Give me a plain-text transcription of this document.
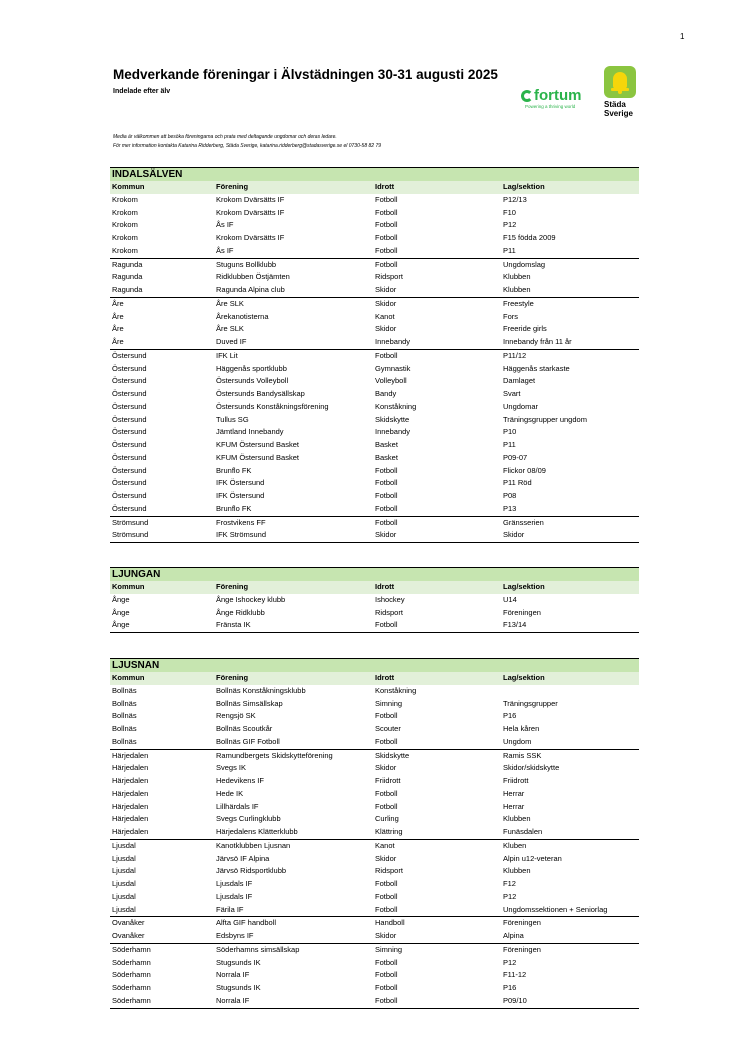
1
Medverkande föreningar i Älvstädningen 30-31 augusti 2025
Indelade efter älv	fortum
Powering a thriving world	Städa
Sverige
Media är välkommen att besöka föreningarna och prata med deltagande ungdomar och deras ledare.
För mer information kontakta Katarina Ridderberg, Städa Sverige, katarina.ridderberg@stadasverige.se el 0730-58 82 79
INDALSÄLVEN
Kommun	Förening	Idrott	Lag/sektion
Krokom	Krokom Dvärsätts IF	Fotboll	P12/13
Krokom	Krokom Dvärsätts IF	Fotboll	F10
Krokom	Ås IF	Fotboll	P12
Krokom	Krokom Dvärsätts IF	Fotboll	F15 födda 2009
Krokom	Ås IF	Fotboll	P11
Ragunda	Stuguns Bollklubb	Fotboll	Ungdomslag
Ragunda	Ridklubben Östjämten	Ridsport	Klubben
Ragunda	Ragunda Alpina club	Skidor	Klubben
Åre	Åre SLK	Skidor	Freestyle
Åre	Årekanotisterna	Kanot	Fors
Åre	Åre SLK	Skidor	Freeride girls
Åre	Duved IF	Innebandy	Innebandy från 11 år
Östersund	IFK Lit	Fotboll	P11/12
Östersund	Häggenås sportklubb	Gymnastik	Häggenås starkaste
Östersund	Östersunds Volleyboll	Volleyboll	Damlaget
Östersund	Östersunds Bandysällskap	Bandy	Svart
Östersund	Östersunds Konståkningsförening	Konståkning	Ungdomar
Östersund	Tullus SG	Skidskytte	Träningsgrupper ungdom
Östersund	Jämtland Innebandy	Innebandy	P10
Östersund	KFUM Östersund Basket	Basket	P11
Östersund	KFUM Östersund Basket	Basket	P09-07
Östersund	Brunflo FK	Fotboll	Flickor 08/09
Östersund	IFK Östersund	Fotboll	P11 Röd
Östersund	IFK Östersund	Fotboll	P08
Östersund	Brunflo FK	Fotboll	P13
Strömsund	Frostvikens FF	Fotboll	Gränsserien
Strömsund	IFK Strömsund	Skidor	Skidor
LJUNGAN
Kommun	Förening	Idrott	Lag/sektion
Ånge	Ånge Ishockey klubb	Ishockey	U14
Ånge	Ånge Ridklubb	Ridsport	Föreningen
Ånge	Fränsta IK	Fotboll	F13/14
LJUSNAN
Kommun	Förening	Idrott	Lag/sektion
Bollnäs	Bollnäs Konståkningsklubb	Konståkning
Bollnäs	Bollnäs Simsällskap	Simning	Träningsgrupper
Bollnäs	Rengsjö SK	Fotboll	P16
Bollnäs	Bollnäs Scoutkår	Scouter	Hela kåren
Bollnäs	Bollnäs GIF Fotboll	Fotboll	Ungdom
Härjedalen	Ramundbergets Skidskytteförening	Skidskytte	Ramis SSK
Härjedalen	Svegs IK	Skidor	Skidor/skidskytte
Härjedalen	Hedevikens IF	Friidrott	Friidrott
Härjedalen	Hede IK	Fotboll	Herrar
Härjedalen	Lillhärdals IF	Fotboll	Herrar
Härjedalen	Svegs Curlingklubb	Curling	Klubben
Härjedalen	Härjedalens Klätterklubb	Klättring	Funäsdalen
Ljusdal	Kanotklubben Ljusnan	Kanot	Kluben
Ljusdal	Järvsö IF Alpina	Skidor	Alpin u12-veteran
Ljusdal	Järvsö Ridsportklubb	Ridsport	Klubben
Ljusdal	Ljusdals IF	Fotboll	F12
Ljusdal	Ljusdals IF	Fotboll	P12
Ljusdal	Färila IF	Fotboll	Ungdomssektionen + Seniorlag
Ovanåker	Alfta GIF handboll	Handboll	Föreningen
Ovanåker	Edsbyns IF	Skidor	Alpina
Söderhamn	Söderhamns simsällskap	Simning	Föreningen
Söderhamn	Stugsunds IK	Fotboll	P12
Söderhamn	Norrala IF	Fotboll	F11-12
Söderhamn	Stugsunds IK	Fotboll	P16
Söderhamn	Norrala IF	Fotboll	P09/10
